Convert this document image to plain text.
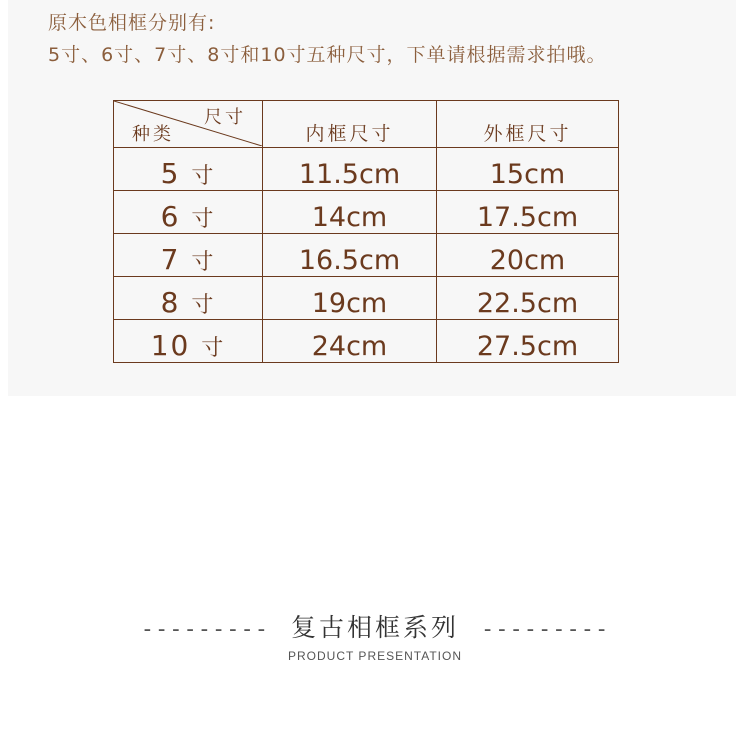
原木色相框分别有:
5寸、6寸、7寸、8寸和10寸五种尺寸，下单请根据需求拍哦。
尺寸
种类	内框尺寸	外框尺寸
5 寸	11.5cm	15cm
6 寸	14cm	17.5cm
7 寸	16.5cm	20cm
8 寸	19cm	22.5cm
10 寸	24cm	27.5cm
--------- 复古相框系列 ---------
PRODUCT PRESENTATION
